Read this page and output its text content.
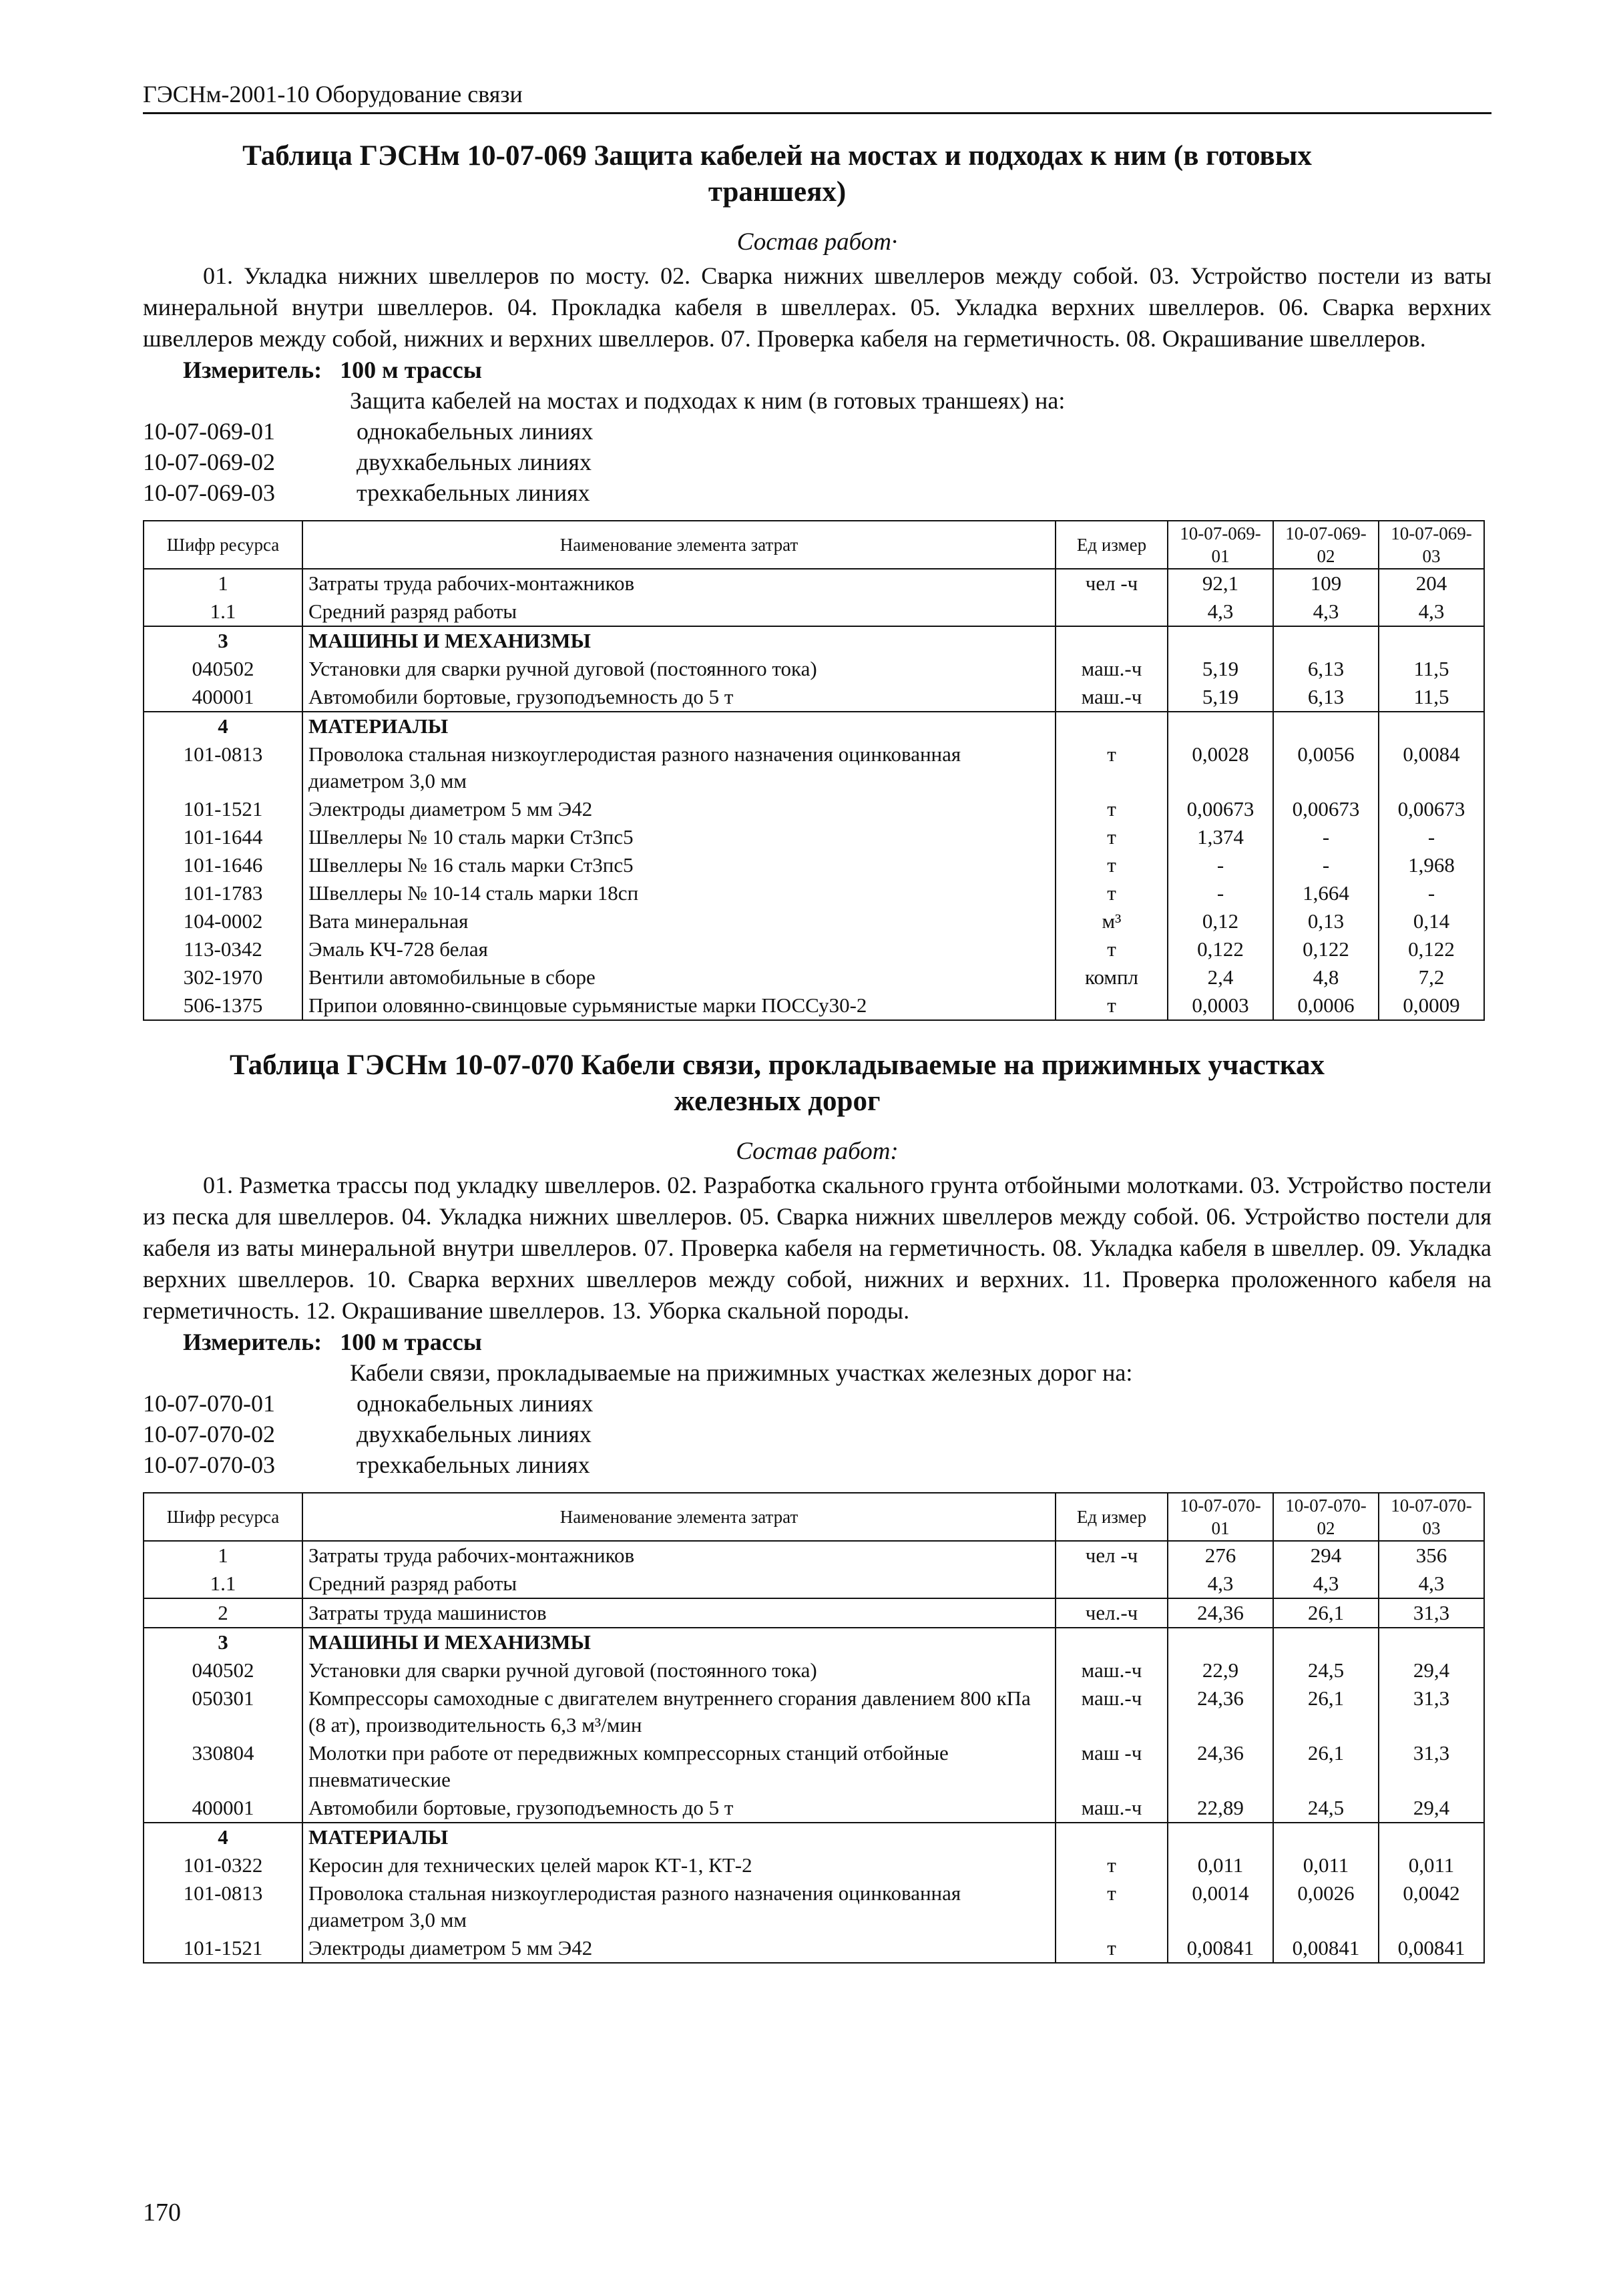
ГЭСНм-2001-10 Оборудование связи
Таблица ГЭСНм 10-07-069 Защита кабелей на мостах и подходах к ним (в готовых
траншеях)
Состав работ·
01. Укладка нижних швеллеров по мосту. 02. Сварка нижних швеллеров между собой. 03. Устройство постели из ваты минеральной внутри швеллеров. 04. Прокладка кабеля в швеллерах. 05. Укладка верхних швеллеров. 06. Сварка верхних швеллеров между собой, нижних и верхних швеллеров. 07. Проверка кабеля на герметичность. 08. Окрашивание швеллеров.
Измеритель: 100 м трассы
Защита кабелей на мостах и подходах к ним (в готовых траншеях) на:
10-07-069-01	однокабельных линиях
10-07-069-02	двухкабельных линиях
10-07-069-03	трехкабельных линиях
Шифр ресурса	Наименование элемента затрат	Ед измер	10-07-069-01	10-07-069-02	10-07-069-03
1	Затраты труда рабочих-монтажников	чел -ч	92,1	109	204
1.1	Средний разряд работы		4,3	4,3	4,3
3	МАШИНЫ И МЕХАНИЗМЫ				
040502	Установки для сварки ручной дуговой (постоянного тока)	маш.-ч	5,19	6,13	11,5
400001	Автомобили бортовые, грузоподъемность до 5 т	маш.-ч	5,19	6,13	11,5
4	МАТЕРИАЛЫ				
101-0813	Проволока стальная низкоуглеродистая разного назначения оцинкованная диаметром 3,0 мм	т	0,0028	0,0056	0,0084
101-1521	Электроды диаметром 5 мм Э42	т	0,00673	0,00673	0,00673
101-1644	Швеллеры № 10 сталь марки Ст3пс5	т	1,374	-	-
101-1646	Швеллеры № 16 сталь марки Ст3пс5	т	-	-	1,968
101-1783	Швеллеры № 10-14 сталь марки 18сп	т	-	1,664	-
104-0002	Вата минеральная	м³	0,12	0,13	0,14
113-0342	Эмаль КЧ-728 белая	т	0,122	0,122	0,122
302-1970	Вентили автомобильные в сборе	компл	2,4	4,8	7,2
506-1375	Припои оловянно-свинцовые сурьмянистые марки ПОССу30-2	т	0,0003	0,0006	0,0009
Таблица ГЭСНм 10-07-070 Кабели связи, прокладываемые на прижимных участках
железных дорог
Состав работ:
01. Разметка трассы под укладку швеллеров. 02. Разработка скального грунта отбойными молотками. 03. Устройство постели из песка для швеллеров. 04. Укладка нижних швеллеров. 05. Сварка нижних швеллеров между собой. 06. Устройство постели для кабеля из ваты минеральной внутри швеллеров. 07. Проверка кабеля на герметичность. 08. Укладка кабеля в швеллер. 09. Укладка верхних швеллеров. 10. Сварка верхних швеллеров между собой, нижних и верхних. 11. Проверка проложенного кабеля на герметичность. 12. Окрашивание швеллеров. 13. Уборка скальной породы.
Измеритель: 100 м трассы
Кабели связи, прокладываемые на прижимных участках железных дорог на:
10-07-070-01	однокабельных линиях
10-07-070-02	двухкабельных линиях
10-07-070-03	трехкабельных линиях
Шифр ресурса	Наименование элемента затрат	Ед измер	10-07-070-01	10-07-070-02	10-07-070-03
1	Затраты труда рабочих-монтажников	чел -ч	276	294	356
1.1	Средний разряд работы		4,3	4,3	4,3
2	Затраты труда машинистов	чел.-ч	24,36	26,1	31,3
3	МАШИНЫ И МЕХАНИЗМЫ				
040502	Установки для сварки ручной дуговой (постоянного тока)	маш.-ч	22,9	24,5	29,4
050301	Компрессоры самоходные с двигателем внутреннего сгорания давлением 800 кПа (8 ат), производительность 6,3 м³/мин	маш.-ч	24,36	26,1	31,3
330804	Молотки при работе от передвижных компрессорных станций отбойные пневматические	маш -ч	24,36	26,1	31,3
400001	Автомобили бортовые, грузоподъемность до 5 т	маш.-ч	22,89	24,5	29,4
4	МАТЕРИАЛЫ				
101-0322	Керосин для технических целей марок КТ-1, КТ-2	т	0,011	0,011	0,011
101-0813	Проволока стальная низкоуглеродистая разного назначения оцинкованная диаметром 3,0 мм	т	0,0014	0,0026	0,0042
101-1521	Электроды диаметром 5 мм Э42	т	0,00841	0,00841	0,00841
170
